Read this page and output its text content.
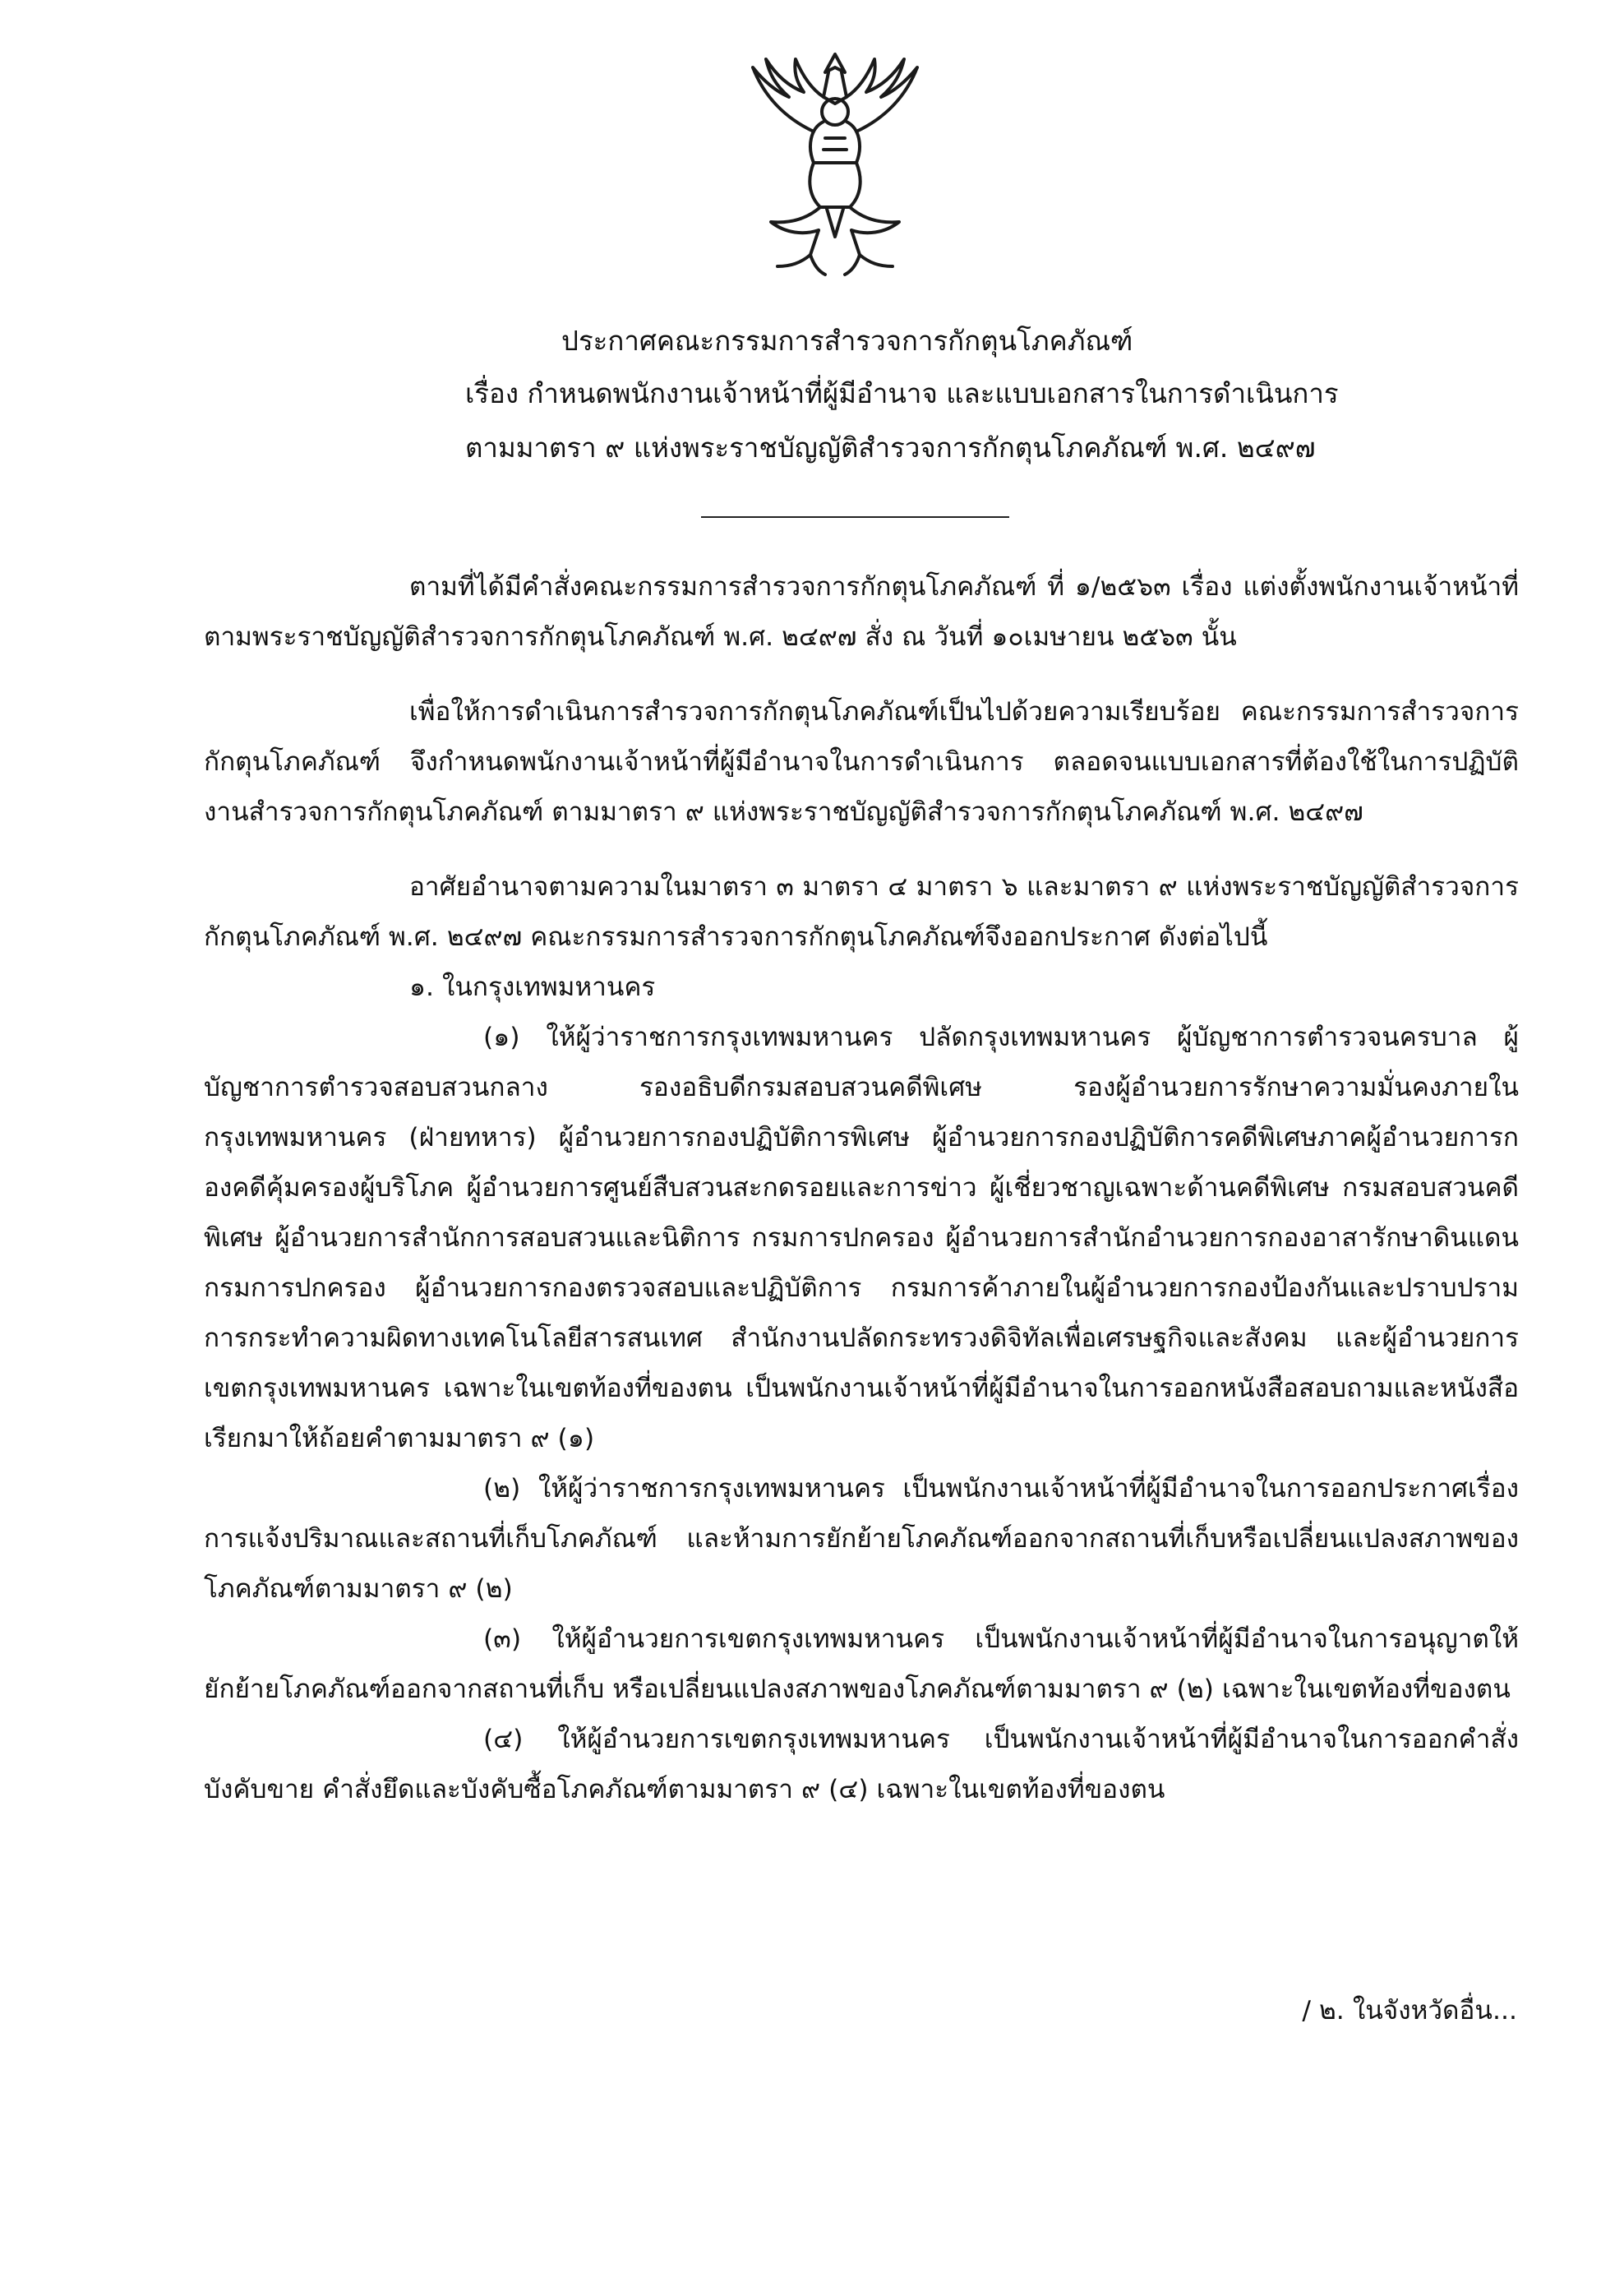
ประกาศคณะกรรมการสำรวจการกักตุนโภคภัณฑ์
เรื่อง กำหนดพนักงานเจ้าหน้าที่ผู้มีอำนาจ และแบบเอกสารในการดำเนินการ
ตามมาตรา ๙ แห่งพระราชบัญญัติสำรวจการกักตุนโภคภัณฑ์ พ.ศ. ๒๔๙๗

ตามที่ได้มีคำสั่งคณะกรรมการสำรวจการกักตุนโภคภัณฑ์ ที่ ๑/๒๕๖๓ เรื่อง แต่งตั้งพนักงานเจ้าหน้าที่ตามพระราชบัญญัติสำรวจการกักตุนโภคภัณฑ์ พ.ศ. ๒๔๙๗ สั่ง ณ วันที่ ๑๐เมษายน ๒๕๖๓ นั้น

เพื่อให้การดำเนินการสำรวจการกักตุนโภคภัณฑ์เป็นไปด้วยความเรียบร้อย คณะกรรมการสำรวจการกักตุนโภคภัณฑ์ จึงกำหนดพนักงานเจ้าหน้าที่ผู้มีอำนาจในการดำเนินการ ตลอดจนแบบเอกสารที่ต้องใช้ในการปฏิบัติงานสำรวจการกักตุนโภคภัณฑ์ ตามมาตรา ๙ แห่งพระราชบัญญัติสำรวจการกักตุนโภคภัณฑ์ พ.ศ. ๒๔๙๗

อาศัยอำนาจตามความในมาตรา ๓ มาตรา ๔ มาตรา ๖ และมาตรา ๙ แห่งพระราชบัญญัติสำรวจการกักตุนโภคภัณฑ์ พ.ศ. ๒๔๙๗ คณะกรรมการสำรวจการกักตุนโภคภัณฑ์จึงออกประกาศ ดังต่อไปนี้

๑. ในกรุงเทพมหานคร

(๑) ให้ผู้ว่าราชการกรุงเทพมหานคร ปลัดกรุงเทพมหานคร ผู้บัญชาการตำรวจนครบาล ผู้บัญชาการตำรวจสอบสวนกลาง รองอธิบดีกรมสอบสวนคดีพิเศษ รองผู้อำนวยการรักษาความมั่นคงภายในกรุงเทพมหานคร (ฝ่ายทหาร) ผู้อำนวยการกองปฏิบัติการพิเศษ ผู้อำนวยการกองปฏิบัติการคดีพิเศษภาคผู้อำนวยการกองคดีคุ้มครองผู้บริโภค ผู้อำนวยการศูนย์สืบสวนสะกดรอยและการข่าว ผู้เชี่ยวชาญเฉพาะด้านคดีพิเศษ กรมสอบสวนคดีพิเศษ ผู้อำนวยการสำนักการสอบสวนและนิติการ กรมการปกครอง ผู้อำนวยการสำนักอำนวยการกองอาสารักษาดินแดน กรมการปกครอง ผู้อำนวยการกองตรวจสอบและปฏิบัติการ กรมการค้าภายในผู้อำนวยการกองป้องกันและปราบปรามการกระทำความผิดทางเทคโนโลยีสารสนเทศ สำนักงานปลัดกระทรวงดิจิทัลเพื่อเศรษฐกิจและสังคม และผู้อำนวยการเขตกรุงเทพมหานคร เฉพาะในเขตท้องที่ของตน เป็นพนักงานเจ้าหน้าที่ผู้มีอำนาจในการออกหนังสือสอบถามและหนังสือเรียกมาให้ถ้อยคำตามมาตรา ๙ (๑)

(๒) ให้ผู้ว่าราชการกรุงเทพมหานคร เป็นพนักงานเจ้าหน้าที่ผู้มีอำนาจในการออกประกาศเรื่อง การแจ้งปริมาณและสถานที่เก็บโภคภัณฑ์ และห้ามการยักย้ายโภคภัณฑ์ออกจากสถานที่เก็บหรือเปลี่ยนแปลงสภาพของโภคภัณฑ์ตามมาตรา ๙ (๒)

(๓) ให้ผู้อำนวยการเขตกรุงเทพมหานคร เป็นพนักงานเจ้าหน้าที่ผู้มีอำนาจในการอนุญาตให้ยักย้ายโภคภัณฑ์ออกจากสถานที่เก็บ หรือเปลี่ยนแปลงสภาพของโภคภัณฑ์ตามมาตรา ๙ (๒) เฉพาะในเขตท้องที่ของตน

(๔) ให้ผู้อำนวยการเขตกรุงเทพมหานคร เป็นพนักงานเจ้าหน้าที่ผู้มีอำนาจในการออกคำสั่งบังคับขาย คำสั่งยึดและบังคับซื้อโภคภัณฑ์ตามมาตรา ๙ (๔) เฉพาะในเขตท้องที่ของตน

/ ๒. ในจังหวัดอื่น...
